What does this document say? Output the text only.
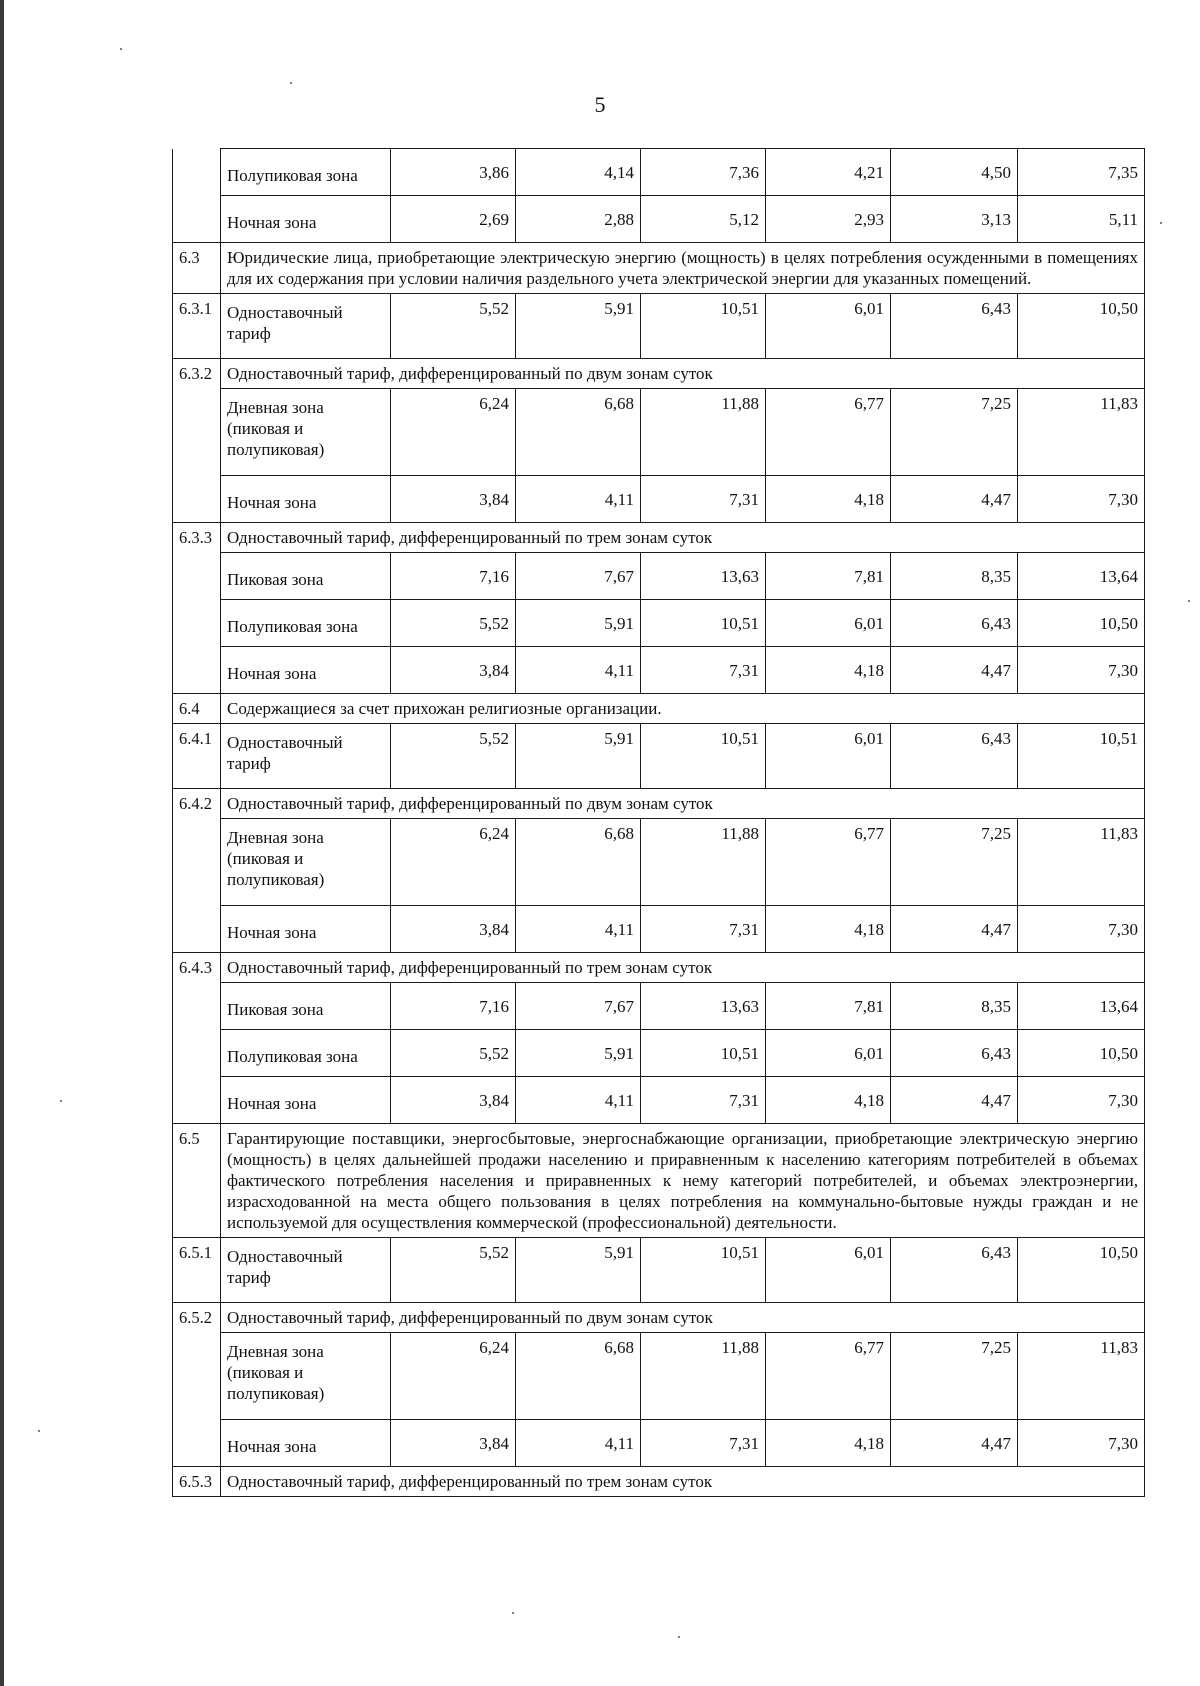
5
	Полупиковая зона	3,86	4,14	7,36	4,21	4,50	7,35
	Ночная зона	2,69	2,88	5,12	2,93	3,13	5,11
6.3	Юридические лица, приобретающие электрическую энергию (мощность) в целях потребления осужденными в помещениях для их содержания при условии наличия раздельного учета электрической энергии для указанных помещений.						
6.3.1	Одноставочный тариф	5,52	5,91	10,51	6,01	6,43	10,50
6.3.2	Одноставочный тариф, дифференцированный по двум зонам суток						
	Дневная зона (пиковая и полупиковая)	6,24	6,68	11,88	6,77	7,25	11,83
	Ночная зона	3,84	4,11	7,31	4,18	4,47	7,30
6.3.3	Одноставочный тариф, дифференцированный по трем зонам суток						
	Пиковая зона	7,16	7,67	13,63	7,81	8,35	13,64
	Полупиковая зона	5,52	5,91	10,51	6,01	6,43	10,50
	Ночная зона	3,84	4,11	7,31	4,18	4,47	7,30
6.4	Содержащиеся за счет прихожан религиозные организации.						
6.4.1	Одноставочный тариф	5,52	5,91	10,51	6,01	6,43	10,51
6.4.2	Одноставочный тариф, дифференцированный по двум зонам суток						
	Дневная зона (пиковая и полупиковая)	6,24	6,68	11,88	6,77	7,25	11,83
	Ночная зона	3,84	4,11	7,31	4,18	4,47	7,30
6.4.3	Одноставочный тариф, дифференцированный по трем зонам суток						
	Пиковая зона	7,16	7,67	13,63	7,81	8,35	13,64
	Полупиковая зона	5,52	5,91	10,51	6,01	6,43	10,50
	Ночная зона	3,84	4,11	7,31	4,18	4,47	7,30
6.5	Гарантирующие поставщики, энергосбытовые, энергоснабжающие организации, приобретающие электрическую энергию (мощность) в целях дальнейшей продажи населению и приравненным к населению категориям потребителей в объемах фактического потребления населения и приравненных к нему категорий потребителей, и объемах электроэнергии, израсходованной на места общего пользования в целях потребления на коммунально-бытовые нужды граждан и не используемой для осуществления коммерческой (профессиональной) деятельности.						
6.5.1	Одноставочный тариф	5,52	5,91	10,51	6,01	6,43	10,50
6.5.2	Одноставочный тариф, дифференцированный по двум зонам суток						
	Дневная зона (пиковая и полупиковая)	6,24	6,68	11,88	6,77	7,25	11,83
	Ночная зона	3,84	4,11	7,31	4,18	4,47	7,30
6.5.3	Одноставочный тариф, дифференцированный по трем зонам суток						
